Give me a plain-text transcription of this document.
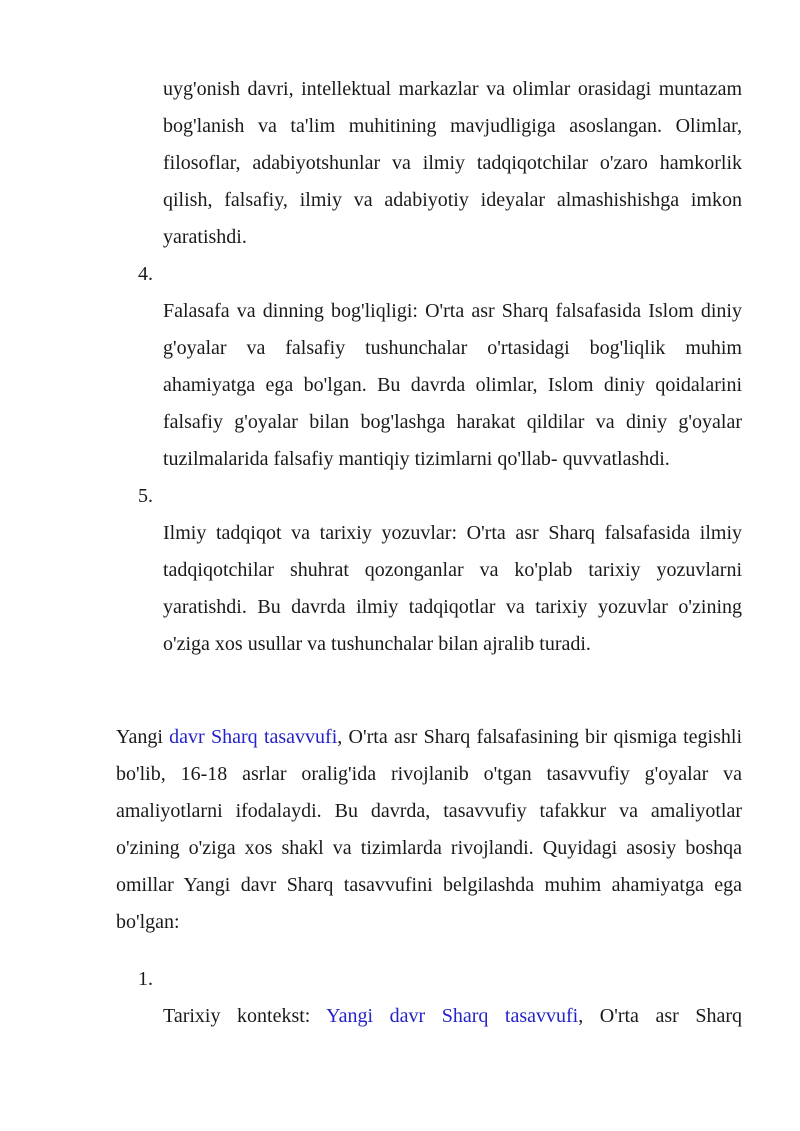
uyg'onish davri, intellektual markazlar va olimlar orasidagi muntazam bog'lanish va ta'lim muhitining mavjudligiga asoslangan. Olimlar, filosoflar, adabiyotshunlar va ilmiy tadqiqotchilar o'zaro hamkorlik qilish, falsafiy, ilmiy va adabiyotiy ideyalar almashishishga imkon yaratishdi.

4.

Falasafa va dinning bog'liqligi: O'rta asr Sharq falsafasida Islom diniy g'oyalar va falsafiy tushunchalar o'rtasidagi bog'liqlik muhim ahamiyatga ega bo'lgan. Bu davrda olimlar, Islom diniy qoidalarini falsafiy g'oyalar bilan bog'lashga harakat qildilar va diniy g'oyalar tuzilmalarida falsafiy mantiqiy tizimlarni qo'llab- quvvatlashdi.

5.

Ilmiy tadqiqot va tarixiy yozuvlar: O'rta asr Sharq falsafasida ilmiy tadqiqotchilar shuhrat qozonganlar va ko'plab tarixiy yozuvlarni yaratishdi. Bu davrda ilmiy tadqiqotlar va tarixiy yozuvlar o'zining o'ziga xos usullar va tushunchalar bilan ajralib turadi.

Yangi davr Sharq tasavvufi, O'rta asr Sharq falsafasining bir qismiga tegishli bo'lib, 16-18 asrlar oralig'ida rivojlanib o'tgan tasavvufiy g'oyalar va amaliyotlarni ifodalaydi. Bu davrda, tasavvufiy tafakkur va amaliyotlar o'zining o'ziga xos shakl va tizimlarda rivojlandi. Quyidagi asosiy boshqa omillar Yangi davr Sharq tasavvufini belgilashda muhim ahamiyatga ega bo'lgan:

1.

Tarixiy kontekst: Yangi davr Sharq tasavvufi, O'rta asr Sharq
